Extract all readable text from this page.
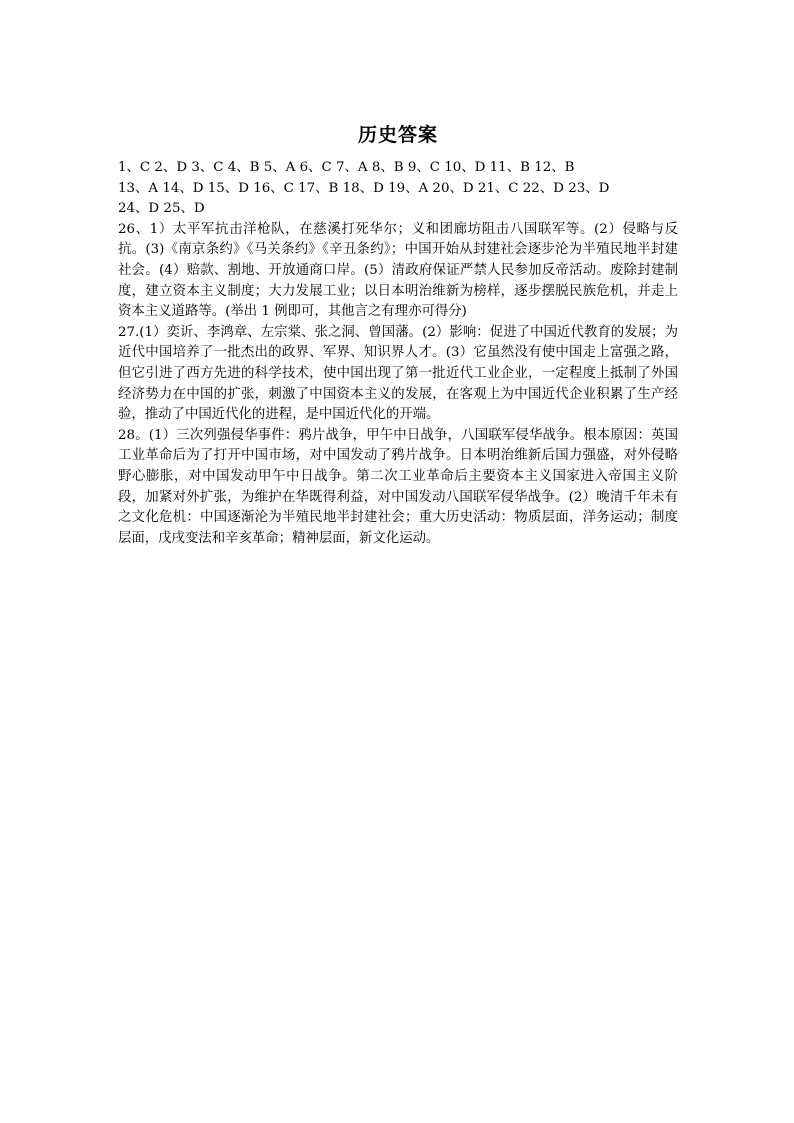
历史答案

1、C 2、D 3、C 4、B 5、A 6、C 7、A 8、B 9、C 10、D 11、B 12、B

13、A 14、D 15、D 16、C 17、B 18、D 19、A 20、D 21、C 22、D 23、D

24、D 25、D

26、1）太平军抗击洋枪队，在慈溪打死华尔；义和团廊坊阻击八国联军等。(2）侵略与反抗。(3)《南京条约》《马关条约》《辛丑条约》；中国开始从封建社会逐步沦为半殖民地半封建社会。(4）赔款、割地、开放通商口岸。(5）清政府保证严禁人民参加反帝活动。废除封建制度，建立资本主义制度；大力发展工业；以日本明治维新为榜样，逐步摆脱民族危机，并走上资本主义道路等。(举出 1 例即可，其他言之有理亦可得分)

27.(1）奕䜣、李鸿章、左宗棠、张之洞、曾国藩。(2）影响：促进了中国近代教育的发展；为近代中国培养了一批杰出的政界、军界、知识界人才。(3）它虽然没有使中国走上富强之路，但它引进了西方先进的科学技术，使中国出现了第一批近代工业企业，一定程度上抵制了外国经济势力在中国的扩张，刺激了中国资本主义的发展，在客观上为中国近代企业积累了生产经验，推动了中国近代化的进程，是中国近代化的开端。

28。(1）三次列强侵华事件：鸦片战争，甲午中日战争，八国联军侵华战争。根本原因：英国工业革命后为了打开中国市场，对中国发动了鸦片战争。日本明治维新后国力强盛，对外侵略野心膨胀，对中国发动甲午中日战争。第二次工业革命后主要资本主义国家进入帝国主义阶段，加紧对外扩张，为维护在华既得利益，对中国发动八国联军侵华战争。(2）晚清千年未有之文化危机：中国逐渐沦为半殖民地半封建社会；重大历史活动：物质层面，洋务运动；制度层面，戊戌变法和辛亥革命；精神层面，新文化运动。
